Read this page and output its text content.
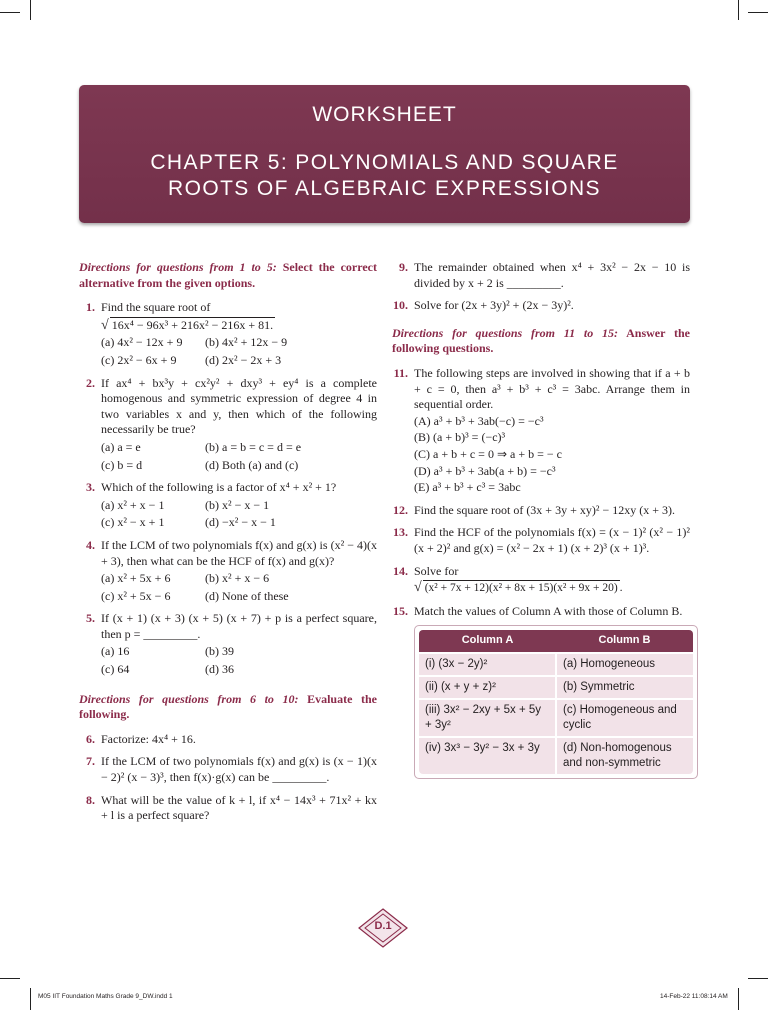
WORKSHEET
CHAPTER 5: POLYNOMIALS AND SQUARE
ROOTS OF ALGEBRAIC EXPRESSIONS
Directions for questions from 1 to 5: Select the correct alternative from the given options.
1. Find the square root of
√ 16x⁴ − 96x³ + 216x² − 216x + 81.
(a) 4x² − 12x + 9	(b) 4x² + 12x − 9
(c) 2x² − 6x + 9	(d) 2x² − 2x + 3
2. If ax⁴ + bx³y + cx²y² + dxy³ + ey⁴ is a complete homogenous and symmetric expression of degree 4 in two variables x and y, then which of the following necessarily be true?
(a) a = e	(b) a = b = c = d = e
(c) b = d	(d) Both (a) and (c)
3. Which of the following is a factor of x⁴ + x² + 1?
(a) x² + x − 1	(b) x² − x − 1
(c) x² − x + 1	(d) −x² − x − 1
4. If the LCM of two polynomials f(x) and g(x) is (x² − 4)(x + 3), then what can be the HCF of f(x) and g(x)?
(a) x² + 5x + 6	(b) x² + x − 6
(c) x² + 5x − 6	(d) None of these
5. If (x + 1) (x + 3) (x + 5) (x + 7) + p is a perfect square, then p = _________.
(a) 16	(b) 39
(c) 64	(d) 36
Directions for questions from 6 to 10: Evaluate the following.
6. Factorize: 4x⁴ + 16.
7. If the LCM of two polynomials f(x) and g(x) is (x − 1)(x − 2)² (x − 3)³, then f(x)·g(x) can be _________.
8. What will be the value of k + l, if x⁴ − 14x³ + 71x² + kx + l is a perfect square?
9. The remainder obtained when x⁴ + 3x² − 2x − 10 is divided by x + 2 is _________.
10. Solve for (2x + 3y)² + (2x − 3y)².
Directions for questions from 11 to 15: Answer the following questions.
11. The following steps are involved in showing that if a + b + c = 0, then a³ + b³ + c³ = 3abc. Arrange them in sequential order.
(A) a³ + b³ + 3ab(−c) = −c³
(B) (a + b)³ = (−c)³
(C) a + b + c = 0 ⇒ a + b = − c
(D) a³ + b³ + 3ab(a + b) = −c³
(E) a³ + b³ + c³ = 3abc
12. Find the square root of (3x + 3y + xy)² − 12xy (x + 3).
13. Find the HCF of the polynomials f(x) = (x − 1)² (x² − 1)² (x + 2)² and g(x) = (x² − 2x + 1) (x + 2)³ (x + 1)³.
14. Solve for
√ (x² + 7x + 12)(x² + 8x + 15)(x² + 9x + 20) .
15. Match the values of Column A with those of Column B.
Column A	Column B
(i) (3x − 2y)²	(a) Homogeneous
(ii) (x + y + z)²	(b) Symmetric
(iii) 3x² − 2xy + 5x + 5y + 3y²	(c) Homogeneous and cyclic
(iv) 3x³ − 3y² − 3x + 3y	(d) Non-homogenous and non-symmetric
D.1
M05 IIT Foundation Maths Grade 9_DW.indd 1	14-Feb-22 11:08:14 AM
